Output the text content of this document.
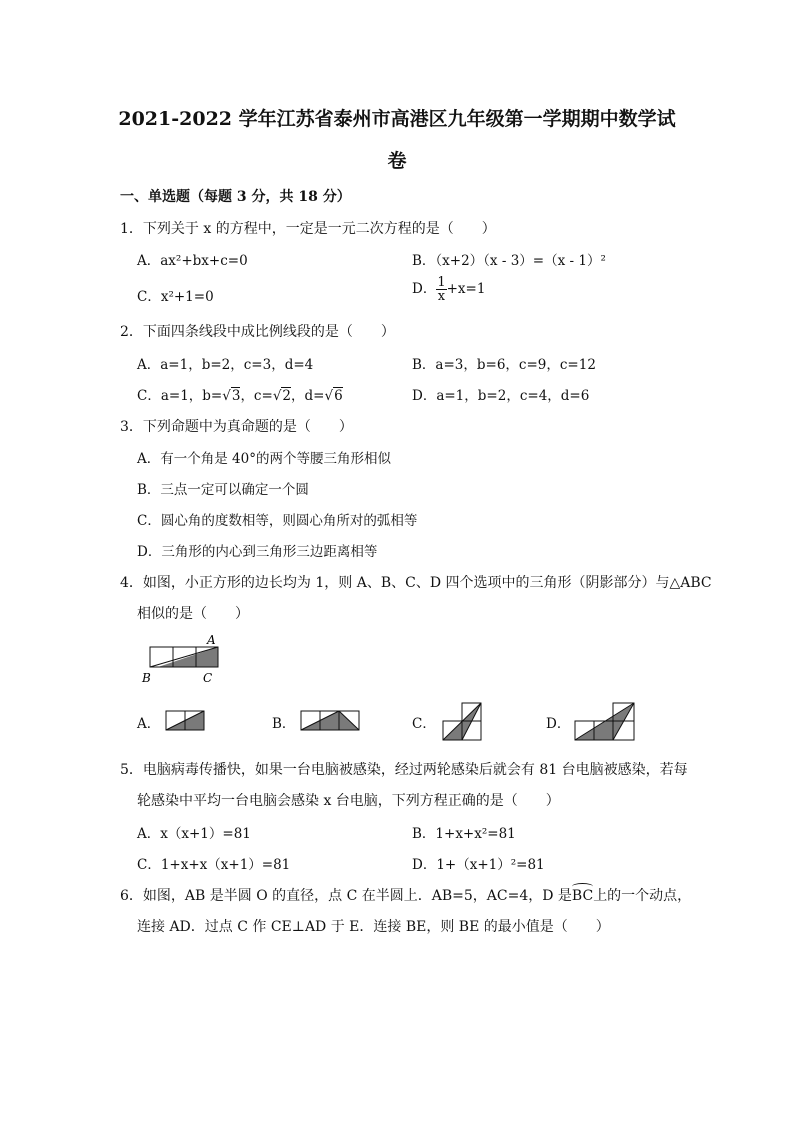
2021-2022 学年江苏省泰州市高港区九年级第一学期期中数学试
卷
一、单选题（每题 3 分，共 18 分）
1．下列关于 x 的方程中，一定是一元二次方程的是（　　）
A．ax²+bx+c=0	B．（x+2）（x - 3）=（x - 1）²
C．x²+1=0	D． $\frac{1}{x} +x=1$
2．下面四条线段中成比例线段的是（　　）
A．a=1，b=2，c=3，d=4	B．a=3，b=6，c=9，c=12
C．a=1，b=√3，c=√2，d=√6	D．a=1，b=2，c=4，d=6
3．下列命题中为真命题的是（　　）
A．有一个角是 40°的两个等腰三角形相似
B．三点一定可以确定一个圆
C．圆心角的度数相等，则圆心角所对的弧相等
D．三角形的内心到三角形三边距离相等
4．如图，小正方形的边长均为 1，则 A、B、C、D 四个选项中的三角形（阴影部分）与△ABC
相似的是（　　）
A
B	C
A．	B．	C．	D．
5．电脑病毒传播快，如果一台电脑被感染，经过两轮感染后就会有 81 台电脑被感染，若每
轮感染中平均一台电脑会感染 x 台电脑，下列方程正确的是（　　）
A．x（x+1）=81	B．1+x+x²=81
C．1+x+x（x+1）=81	D．1+（x+1）²=81
6．如图，AB 是半圆 O 的直径，点 C 在半圆上．AB=5，AC=4，D 是BC上的一个动点，
连接 AD．过点 C 作 CE⊥AD 于 E．连接 BE，则 BE 的最小值是（　　）
